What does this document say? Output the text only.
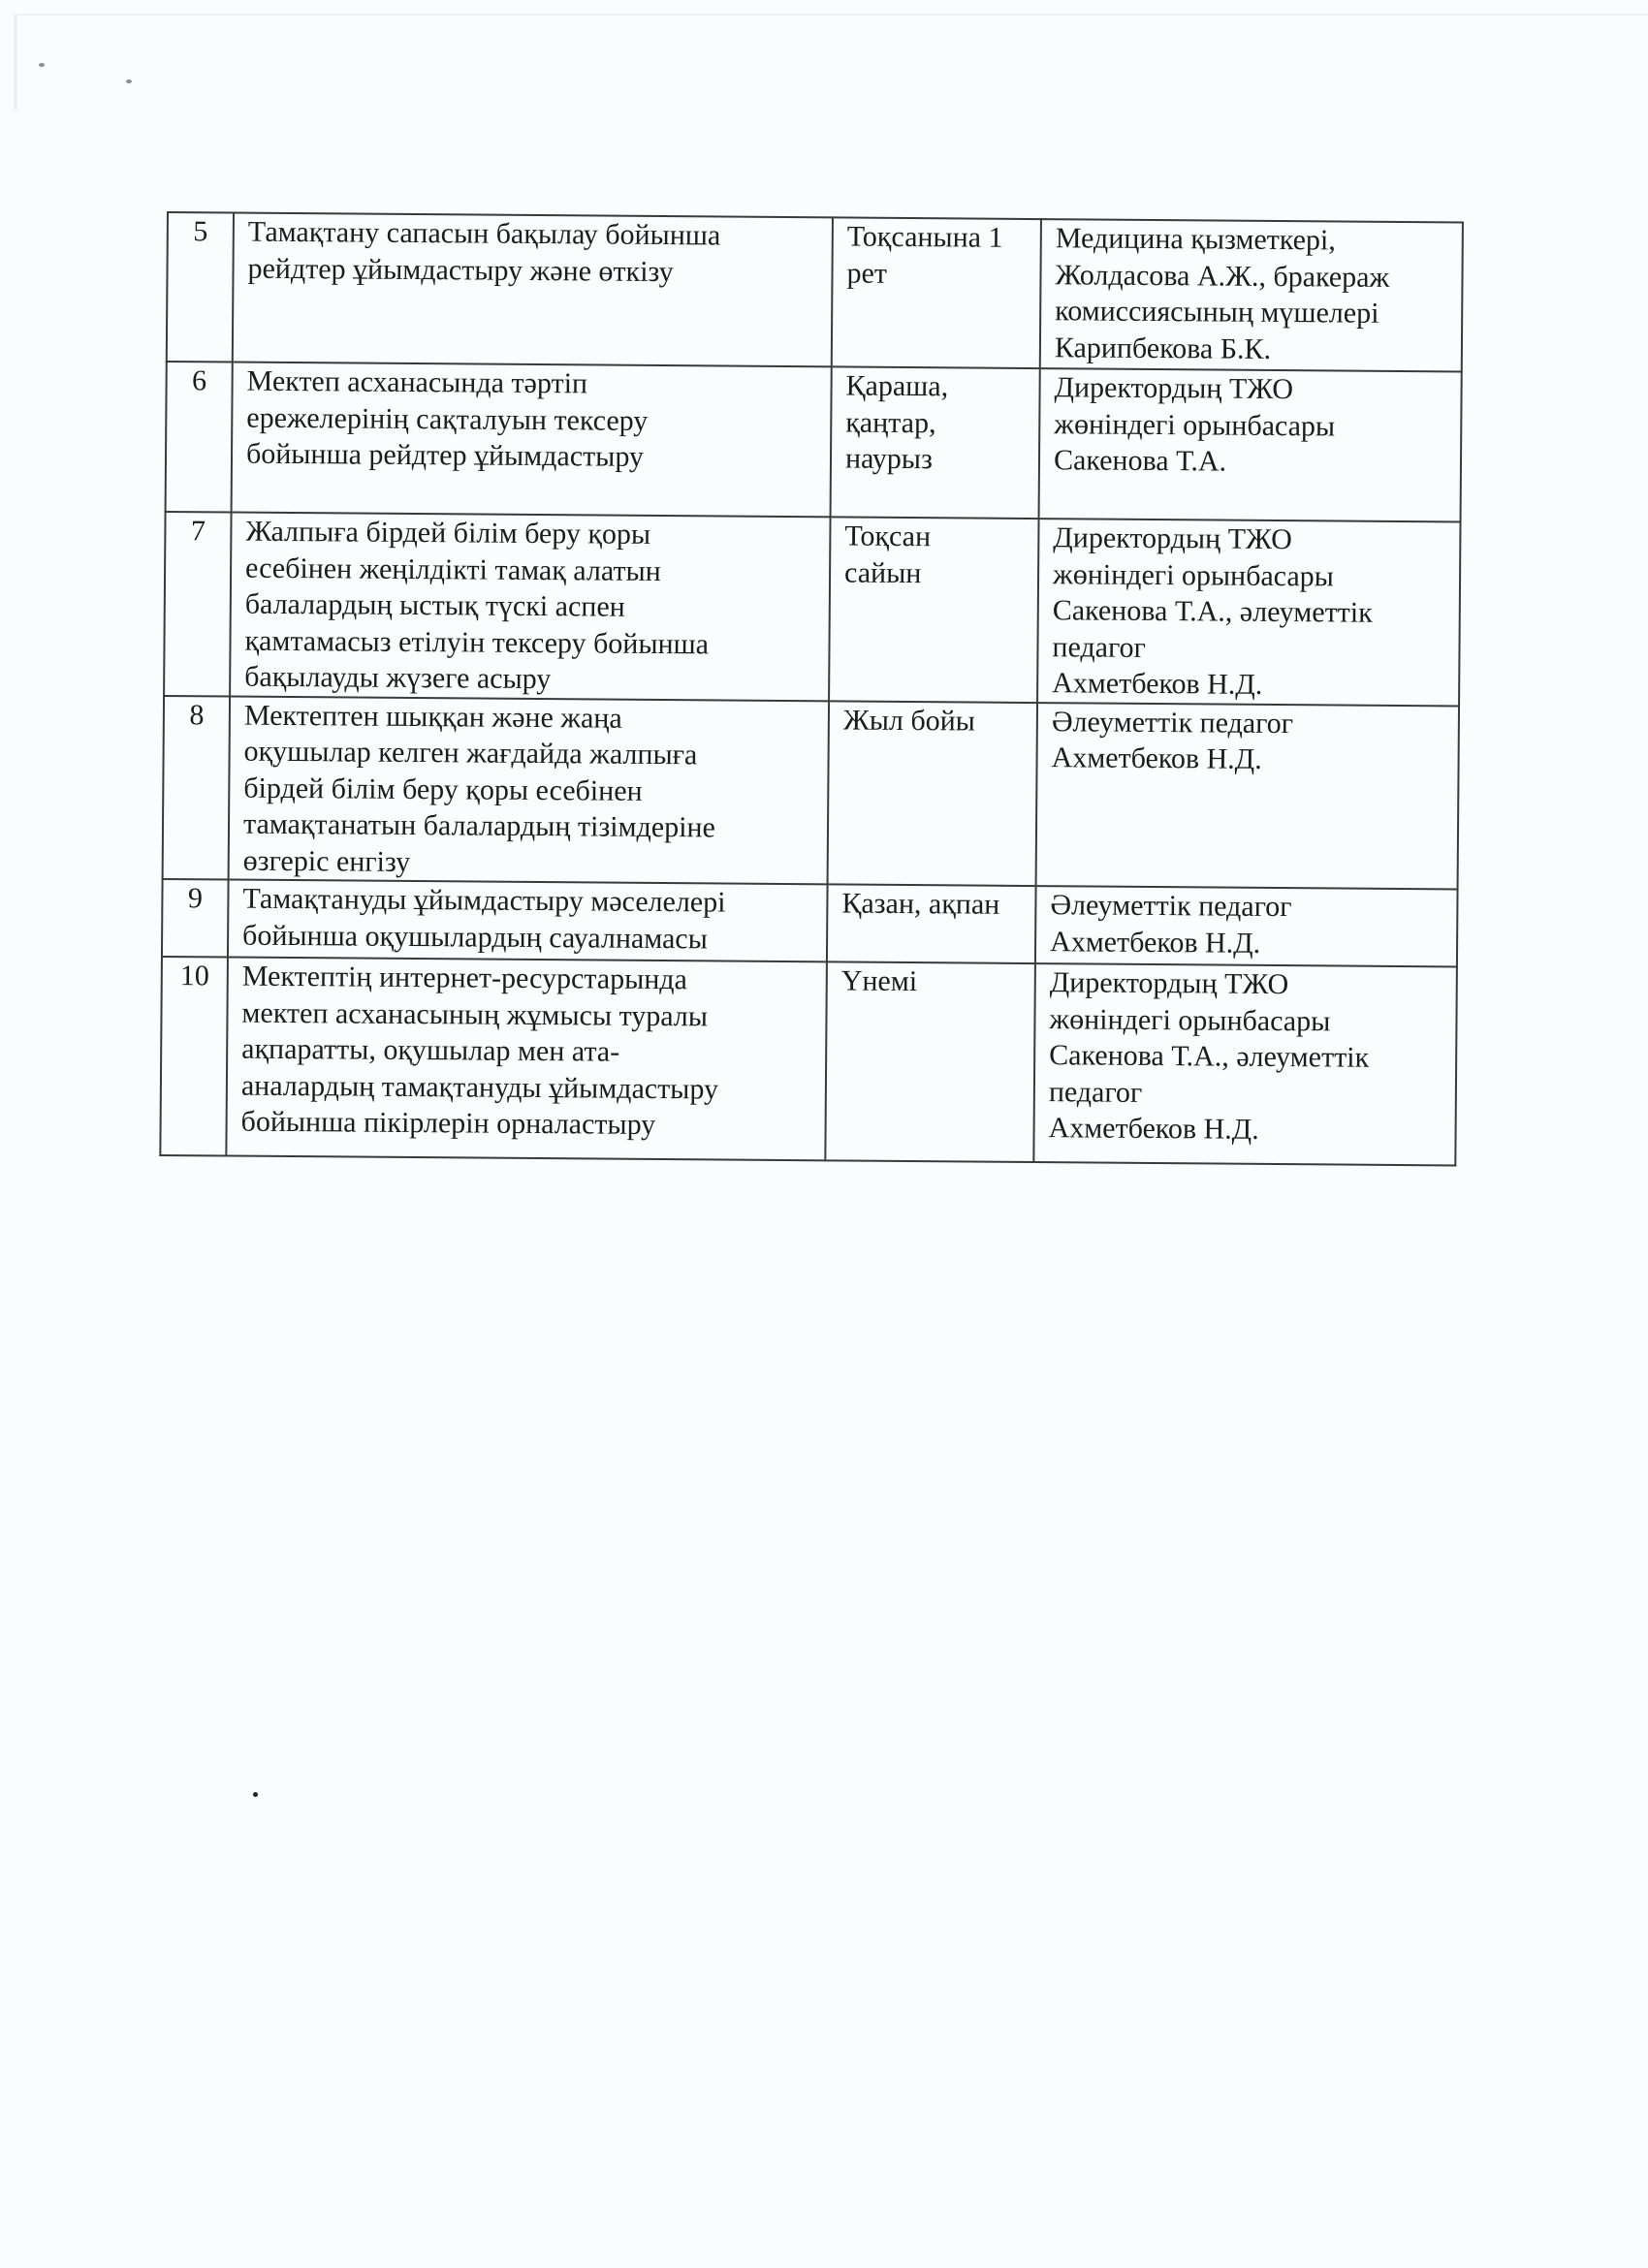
5	Тамақтану сапасын бақылау бойынша
рейдтер ұйымдастыру және өткізу	Тоқсанына 1
рет	Медицина қызметкері,
Жолдасова А.Ж., бракераж
комиссиясының мүшелері
Карипбекова Б.К.
6	Мектеп асханасында тәртіп
ережелерінің сақталуын тексеру
бойынша рейдтер ұйымдастыру	Қараша,
қаңтар,
наурыз	Директордың ТЖО
жөніндегі орынбасары
Сакенова Т.А.
7	Жалпыға бірдей білім беру қоры
есебінен жеңілдікті тамақ алатын
балалардың ыстық түскі аспен
қамтамасыз етілуін тексеру бойынша
бақылауды жүзеге асыру	Тоқсан
сайын	Директордың ТЖО
жөніндегі орынбасары
Сакенова Т.А., әлеуметтік
педагог
Ахметбеков Н.Д.
8	Мектептен шыққан және жаңа
оқушылар келген жағдайда жалпыға
бірдей білім беру қоры есебінен
тамақтанатын балалардың тізімдеріне
өзгеріс енгізу	Жыл бойы	Әлеуметтік педагог
Ахметбеков Н.Д.
9	Тамақтануды ұйымдастыру мәселелері
бойынша оқушылардың сауалнамасы	Қазан, ақпан	Әлеуметтік педагог
Ахметбеков Н.Д.
10	Мектептің интернет-ресурстарында
мектеп асханасының жұмысы туралы
ақпаратты, оқушылар мен ата-
аналардың тамақтануды ұйымдастыру
бойынша пікірлерін орналастыру	Үнемі	Директордың ТЖО
жөніндегі орынбасары
Сакенова Т.А., әлеуметтік
педагог
Ахметбеков Н.Д.
